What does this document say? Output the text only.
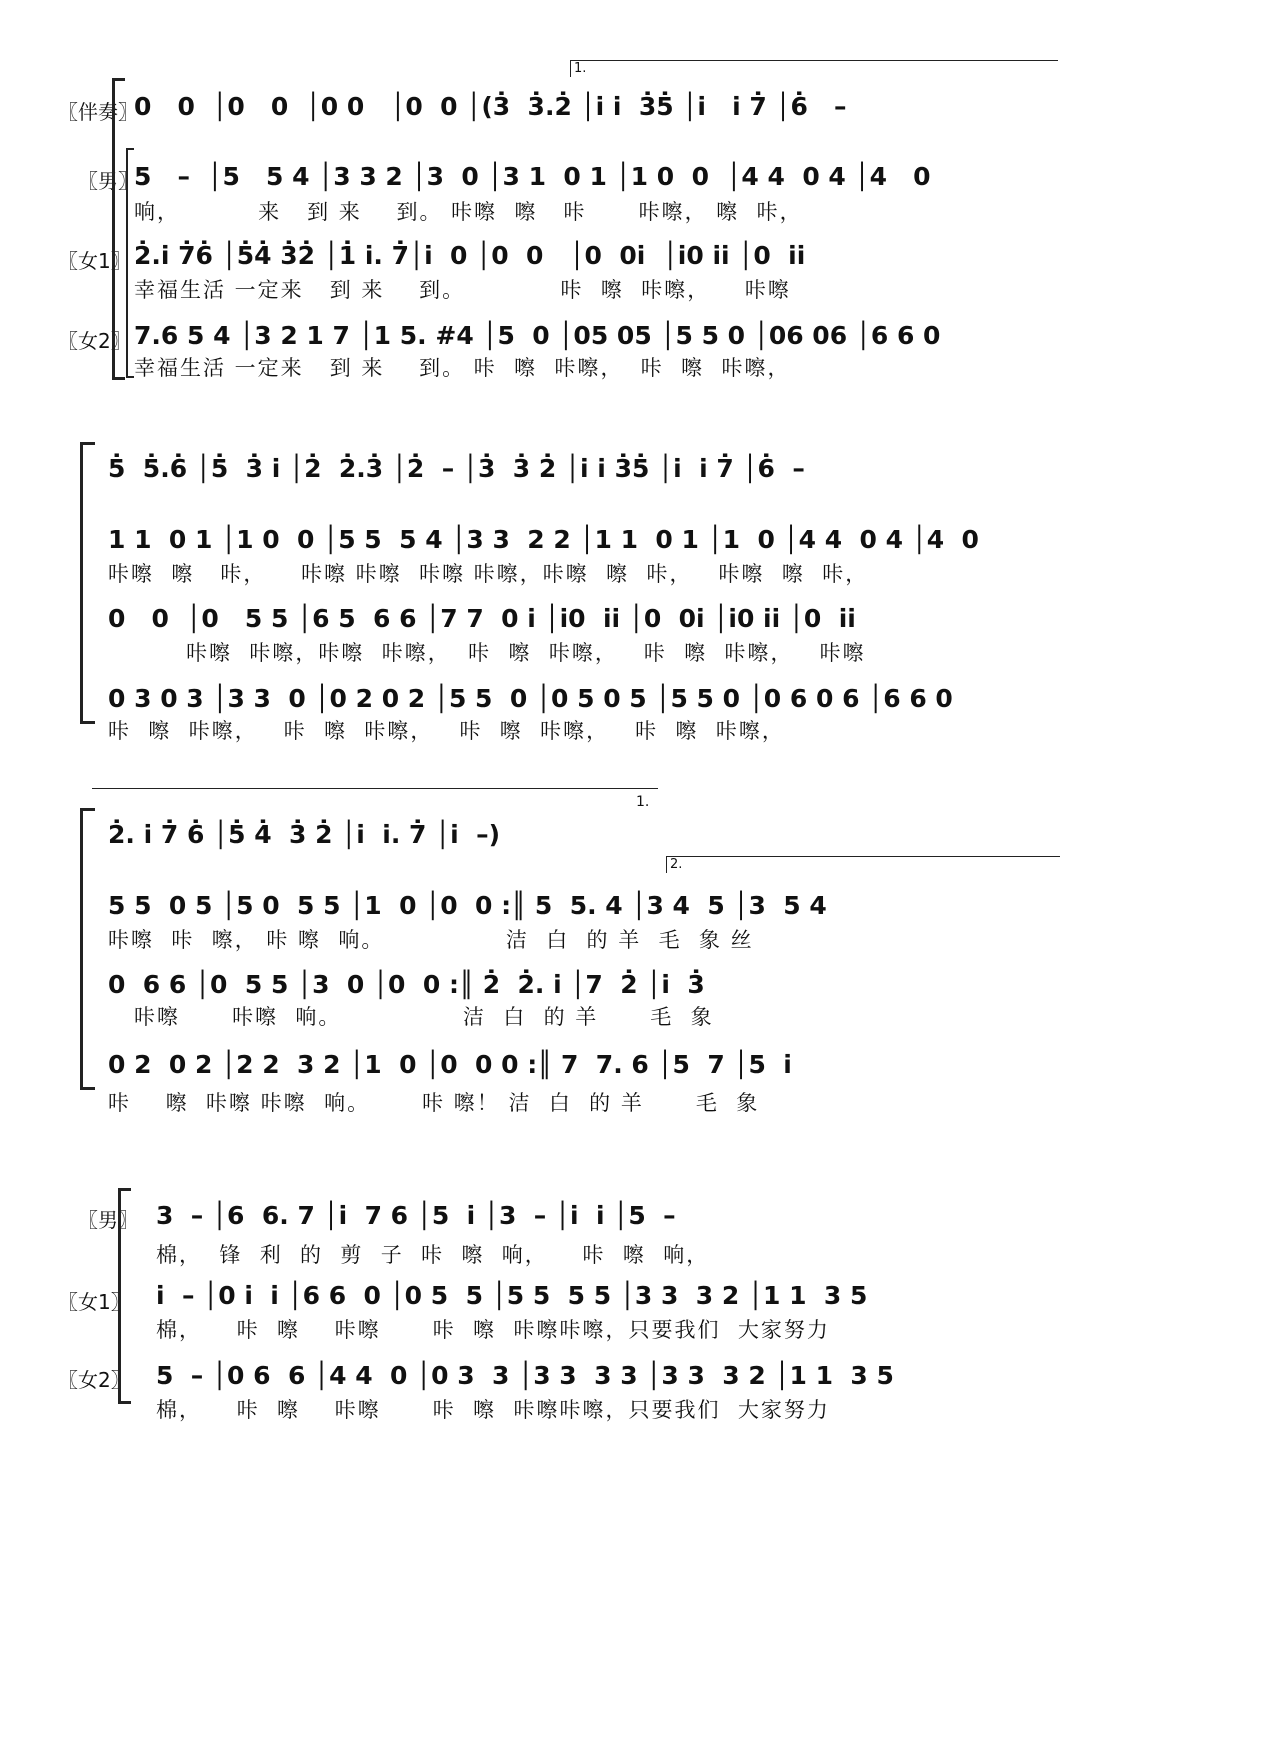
〖伴奏〗
〖男〗
〖女1〗
〖女2〗
1.
0   0  │0   0  │0 0   │0  0 │(3̇  3̇.2̇ │i̇ i̇  3̇5̇ │i̇   i̇ 7̇ │6̇   –
5   –  │5   5 4 │3 3 2 │3  0 │3 1  0 1 │1 0  0  │4 4  0 4 │4   0
响，         来   到 来    到。 咔嚓  嚓   咔      咔嚓， 嚓  咔，
2̇.i̇ 7̇6̇ │5̇4̇ 3̇2̇ │1̇ i̇. 7̇│i̇  0 │0  0   │0  0i̇  │i̇0 i̇i̇ │0  i̇i̇
幸福生活 一定来   到 来    到。           咔  嚓  咔嚓，    咔嚓
7.6 5 4 │3 2 1 7 │1 5. #4 │5  0 │05 05 │5 5 0 │06 06 │6 6 0
幸福生活 一定来   到 来    到。 咔  嚓  咔嚓，  咔  嚓  咔嚓，
5̇  5̇.6̇ │5̇  3̇ i̇ │2̇  2̇.3̇ │2̇  – │3̇  3̇ 2̇ │i̇ i̇ 3̇5̇ │i̇  i̇ 7̇ │6̇  –
1 1  0 1 │1 0  0 │5 5  5 4 │3 3  2 2 │1 1  0 1 │1  0 │4 4  0 4 │4  0
咔嚓  嚓   咔，    咔嚓 咔嚓  咔嚓 咔嚓，咔嚓  嚓  咔，   咔嚓  嚓  咔，
0   0  │0   5 5 │6 5  6 6 │7 7  0 i̇ │i̇0  i̇i̇ │0  0i̇ │i̇0 i̇i̇ │0  i̇i̇
咔嚓  咔嚓，咔嚓  咔嚓，  咔  嚓  咔嚓，   咔  嚓  咔嚓，   咔嚓
0 3 0 3 │3 3  0 │0 2 0 2 │5 5  0 │0 5 0 5 │5 5 0 │0 6 0 6 │6 6 0
咔  嚓  咔嚓，   咔  嚓  咔嚓，   咔  嚓  咔嚓，   咔  嚓  咔嚓，
1.
2.
2̇. i̇ 7̇ 6̇ │5̇ 4̇  3̇ 2̇ │i̇  i̇. 7̇ │i̇  –)
5 5  0 5 │5 0  5 5 │1  0 │0  0 :║ 5  5. 4 │3 4  5 │3  5 4
咔嚓  咔  嚓， 咔 嚓  响。              洁  白  的 羊  毛  象 丝
0  6 6 │0  5 5 │3  0 │0  0 :║ 2̇  2̇. i̇ │7  2̇ │i̇  3̇
咔嚓      咔嚓  响。              洁  白  的 羊      毛  象
0 2  0 2 │2 2  3 2 │1  0 │0  0 0 :║ 7  7. 6 │5  7 │5  i̇
咔    嚓  咔嚓 咔嚓  响。      咔 嚓！ 洁  白  的 羊      毛  象
〖男〗
〖女1〗
〖女2〗
3  – │6  6. 7 │i̇  7 6 │5  i̇ │3  – │i̇  i̇ │5  –
棉，  锋  利  的  剪  子  咔  嚓  响，    咔  嚓  响，
i̇  – │0 i̇  i̇ │6 6  0 │0 5  5 │5 5  5 5 │3 3  3 2 │1 1  3 5
棉，    咔  嚓    咔嚓      咔  嚓  咔嚓咔嚓，只要我们  大家努力
5  – │0 6  6 │4 4  0 │0 3  3 │3 3  3 3 │3 3  3 2 │1 1  3 5
棉，    咔  嚓    咔嚓      咔  嚓  咔嚓咔嚓，只要我们  大家努力
